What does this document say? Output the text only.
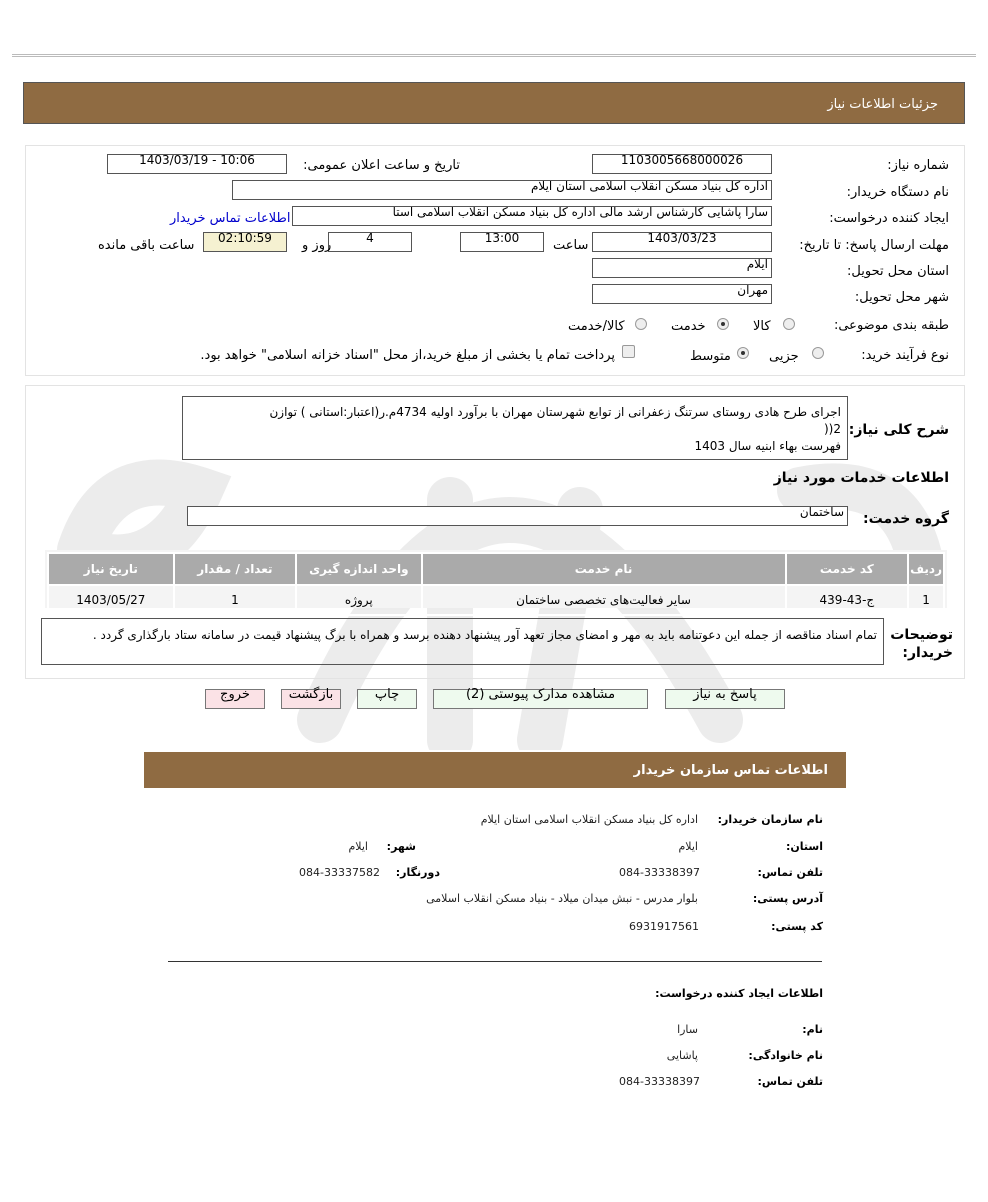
جزئیات اطلاعات نیاز
شماره نیاز:
1103005668000026
تاریخ و ساعت اعلان عمومی:
1403/03/19 - 10:06
نام دستگاه خریدار:
اداره کل بنیاد مسکن انقلاب اسلامی استان ایلام
ایجاد کننده درخواست:
سارا پاشایی کارشناس ارشد مالی اداره کل بنیاد مسکن انقلاب اسلامی استا
اطلاعات تماس خریدار
مهلت ارسال پاسخ: تا تاریخ:
1403/03/23
ساعت
13:00
4
روز و
02:10:59
ساعت باقی مانده
استان محل تحویل:
ایلام
شهر محل تحویل:
مهران
طبقه بندی موضوعی:
کالا
خدمت
کالا/خدمت
نوع فرآیند خرید:
جزیی
متوسط
پرداخت تمام یا بخشی از مبلغ خرید،از محل "اسناد خزانه اسلامی" خواهد بود.
شرح کلی نیاز:
اجرای طرح هادی روستای سرتنگ زعفرانی از توابع شهرستان مهران با برآورد اولیه 4734م.ر(اعتبار:استانی ) توازن
2((
فهرست بهاء ابنیه سال 1403
اطلاعات خدمات مورد نیاز
گروه خدمت:
ساختمان
ردیف	کد خدمت	نام خدمت	واحد اندازه گیری	تعداد / مقدار	تاریخ نیاز
1	ج-43-439	سایر فعالیت‌های تخصصی ساختمان	پروژه	1	1403/05/27
توضیحات خریدار:
تمام اسناد مناقصه از جمله این دعوتنامه باید به مهر و امضای مجاز تعهد آور پیشنهاد دهنده برسد و همراه با برگ پیشنهاد قیمت در سامانه ستاد بارگذاری گردد .
پاسخ به نیاز
مشاهده مدارک پیوستی (2)
چاپ
بازگشت
خروج
اطلاعات تماس سازمان خریدار
نام سازمان خریدار:
اداره کل بنیاد مسکن انقلاب اسلامی استان ایلام
استان:
ایلام
شهر:
ایلام
تلفن تماس:
084-33338397
دورنگار:
084-33337582
آدرس پستی:
بلوار مدرس - نبش میدان میلاد - بنیاد مسکن انقلاب اسلامی
کد پستی:
6931917561
اطلاعات ایجاد کننده درخواست:
نام:
سارا
نام خانوادگی:
پاشایی
تلفن تماس:
084-33338397
